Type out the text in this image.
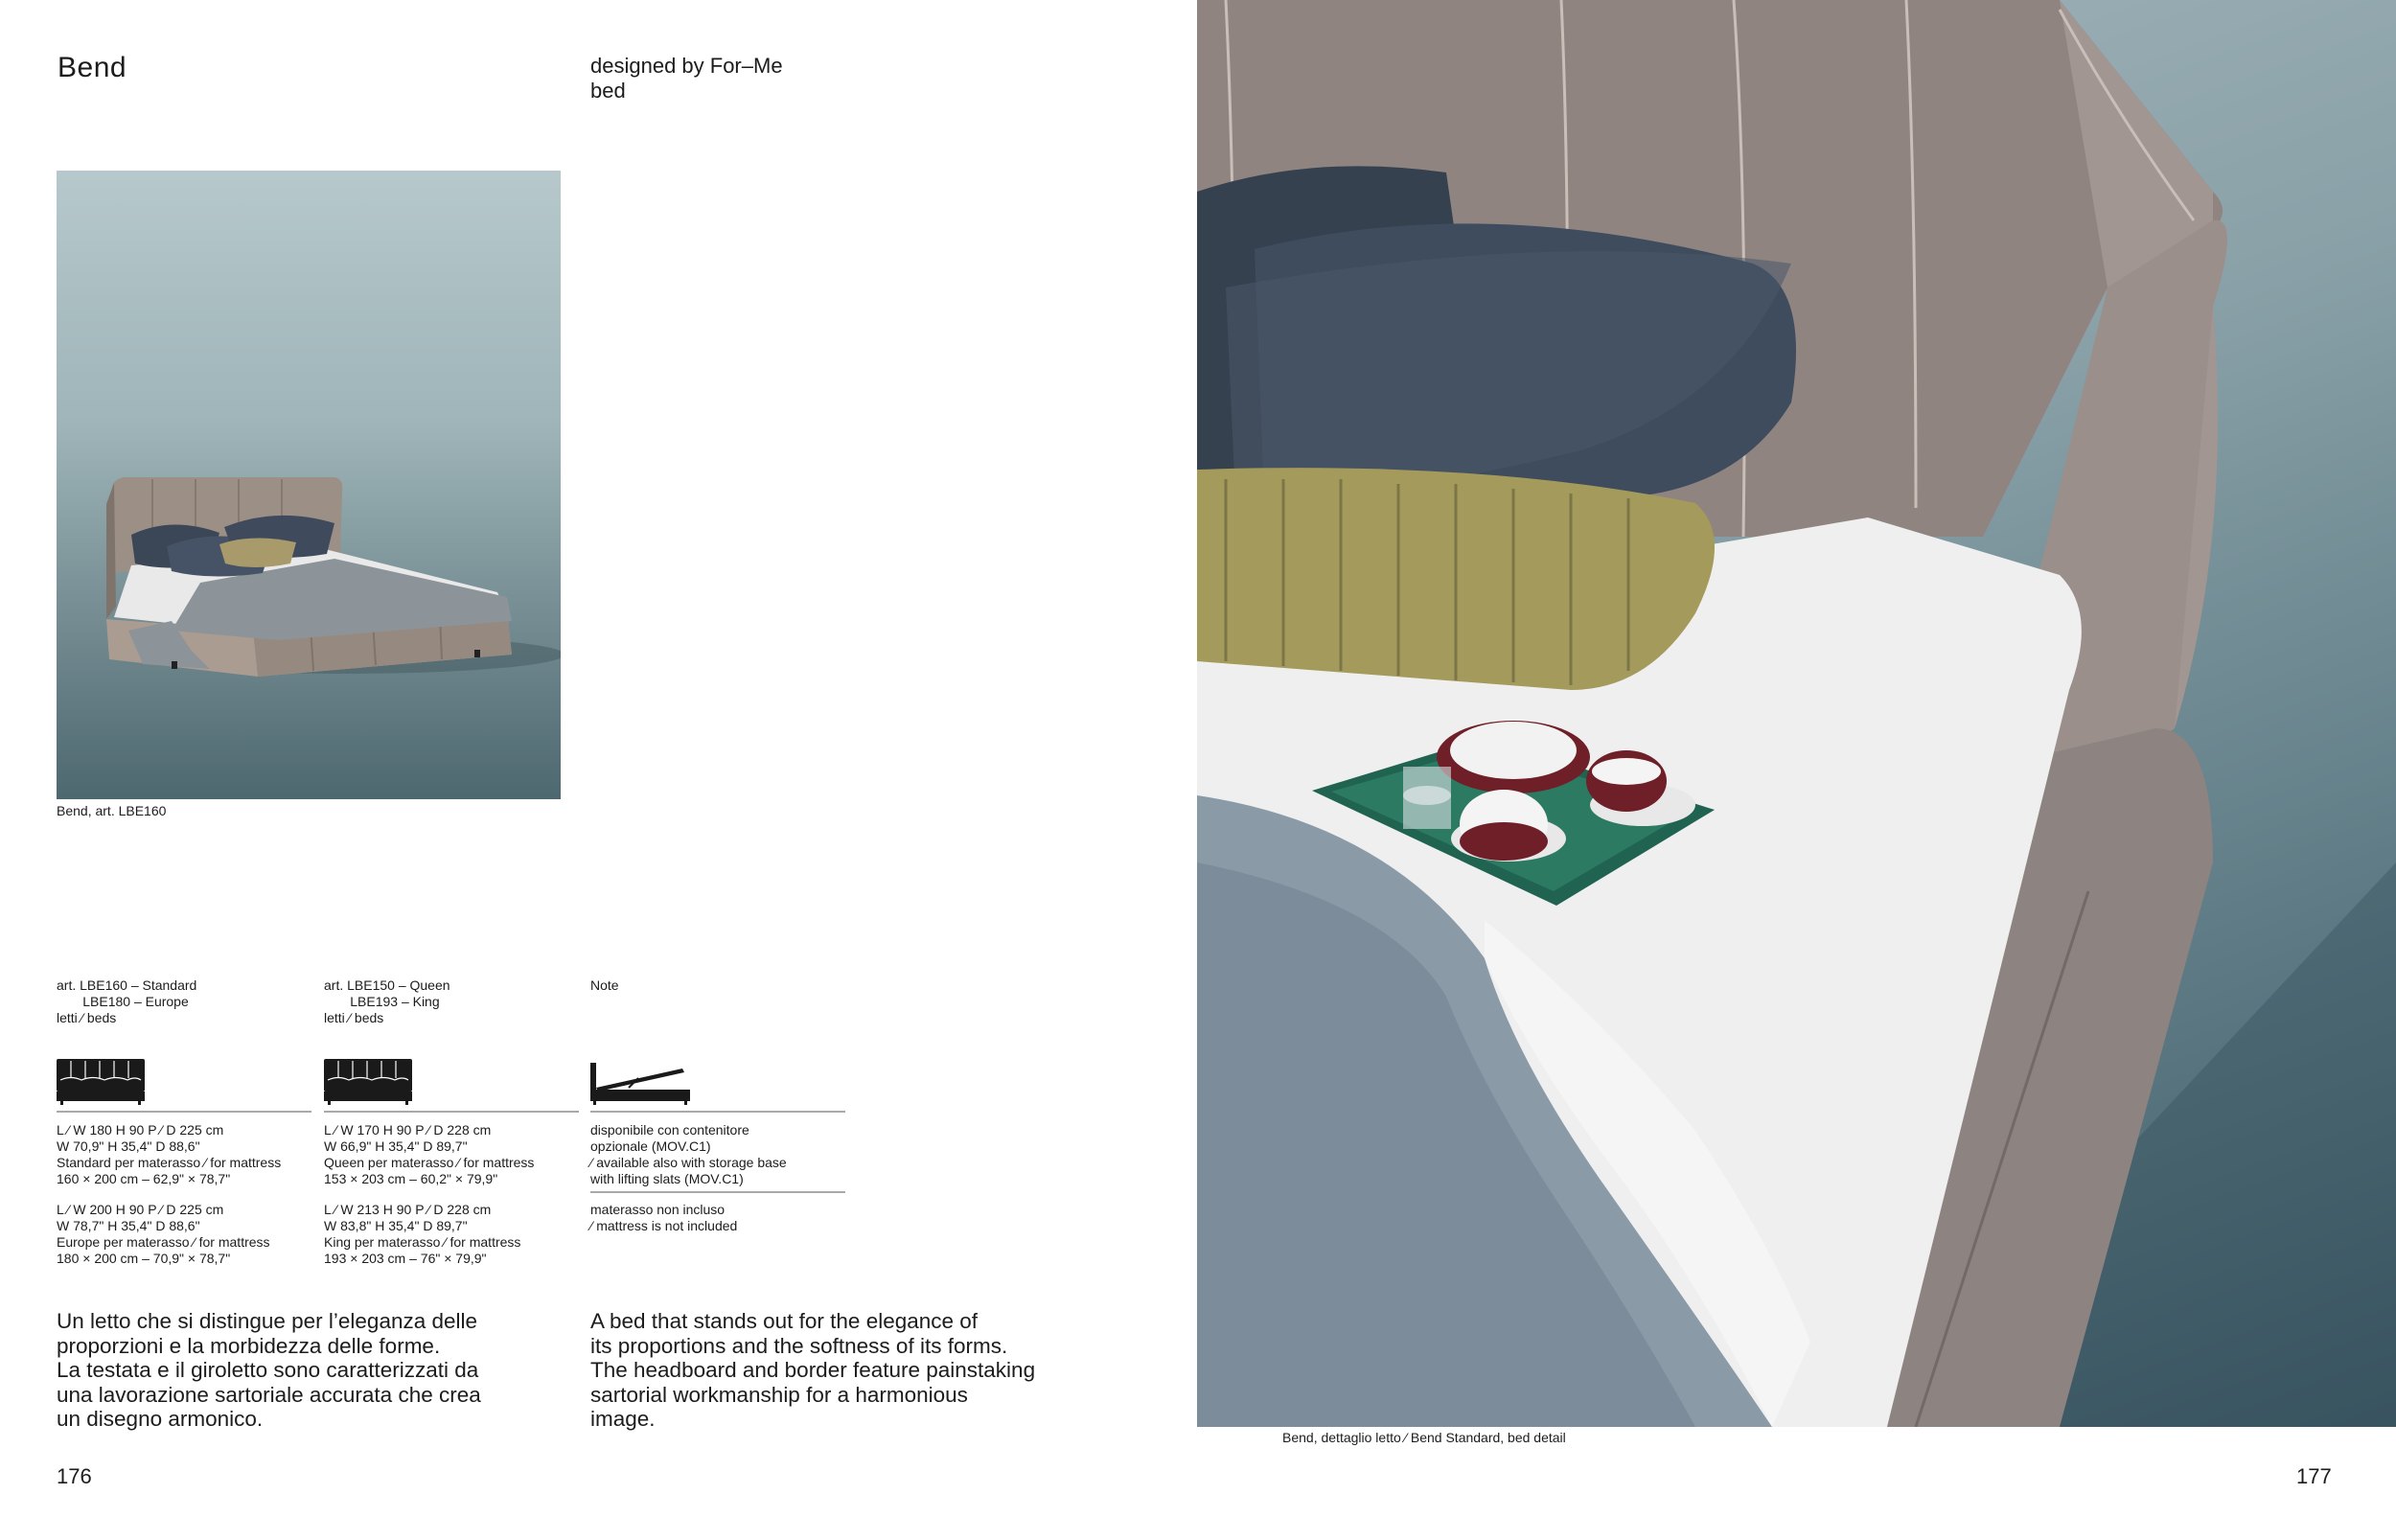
Bend	designed by For–Me
bed
Bend, art. LBE160
art. LBE160 – Standard
LBE180 – Europe
letti ⁄ beds
L ⁄ W 180 H 90 P ⁄ D 225 cm
W 70,9" H 35,4" D 88,6"
Standard per materasso ⁄ for mattress
160 × 200 cm – 62,9" × 78,7"
L ⁄ W 200 H 90 P ⁄ D 225 cm
W 78,7" H 35,4" D 88,6"
Europe per materasso ⁄ for mattress
180 × 200 cm – 70,9" × 78,7"
art. LBE150 – Queen
LBE193 – King
letti ⁄ beds
L ⁄ W 170 H 90 P ⁄ D 228 cm
W 66,9" H 35,4" D 89,7"
Queen per materasso ⁄ for mattress
153 × 203 cm – 60,2" × 79,9"
L ⁄ W 213 H 90 P ⁄ D 228 cm
W 83,8" H 35,4" D 89,7"
King per materasso ⁄ for mattress
193 × 203 cm – 76" × 79,9"
Note
disponibile con contenitore
opzionale (MOV.C1)
⁄ available also with storage base
with lifting slats (MOV.C1)
materasso non incluso
⁄ mattress is not included
Un letto che si distingue per l’eleganza delle
proporzioni e la morbidezza delle forme.
La testata e il giroletto sono caratterizzati da
una lavorazione sartoriale accurata che crea
un disegno armonico.
A bed that stands out for the elegance of
its proportions and the softness of its forms.
The headboard and border feature painstaking
sartorial workmanship for a harmonious
image.
Bend, dettaglio letto ⁄ Bend Standard, bed detail
176	177
